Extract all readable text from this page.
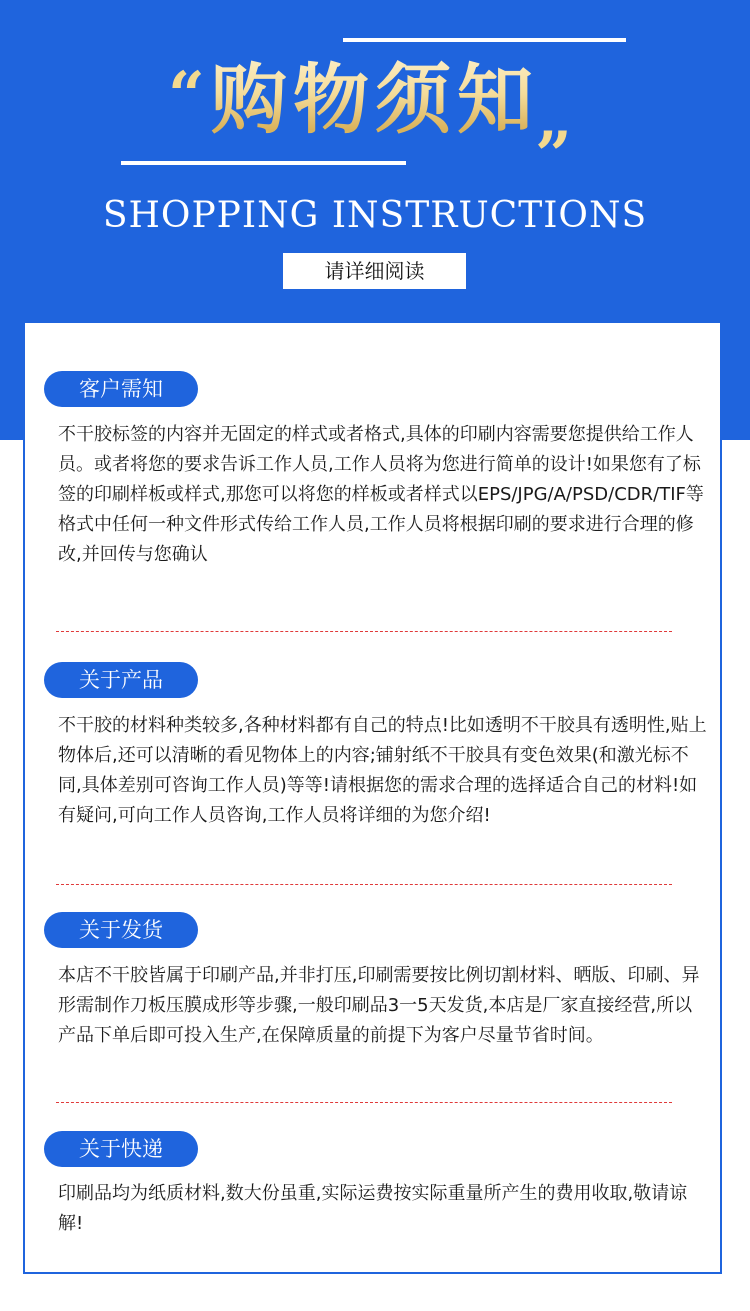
“ 购物须知
”
SHOPPING INSTRUCTIONS
请详细阅读
客户需知

不干胶标签的内容并无固定的样式或者格式,具体的印刷内容需要您提供给工作人员。或者将您的要求告诉工作人员,工作人员将为您进行简单的设计!如果您有了标签的印刷样板或样式,那您可以将您的样板或者样式以EPS/JPG/A/PSD/CDR/TIF等格式中任何一种文件形式传给工作人员,工作人员将根据印刷的要求进行合理的修改,并回传与您确认

关于产品

不干胶的材料种类较多,各种材料都有自己的特点!比如透明不干胶具有透明性,贴上物体后,还可以清晰的看见物体上的内容;铺射纸不干胶具有变色效果(和激光标不同,具体差别可咨询工作人员)等等!请根据您的需求合理的选择适合自己的材料!如有疑问,可向工作人员咨询,工作人员将详细的为您介绍!

关于发货

本店不干胶皆属于印刷产品,并非打压,印刷需要按比例切割材料、晒版、印刷、异形需制作刀板压膜成形等步骤,一般印刷品3一5天发货,本店是厂家直接经营,所以产品下单后即可投入生产,在保障质量的前提下为客户尽量节省时间。

关于快递

印刷品均为纸质材料,数大份虽重,实际运费按实际重量所产生的费用收取,敬请谅解!
